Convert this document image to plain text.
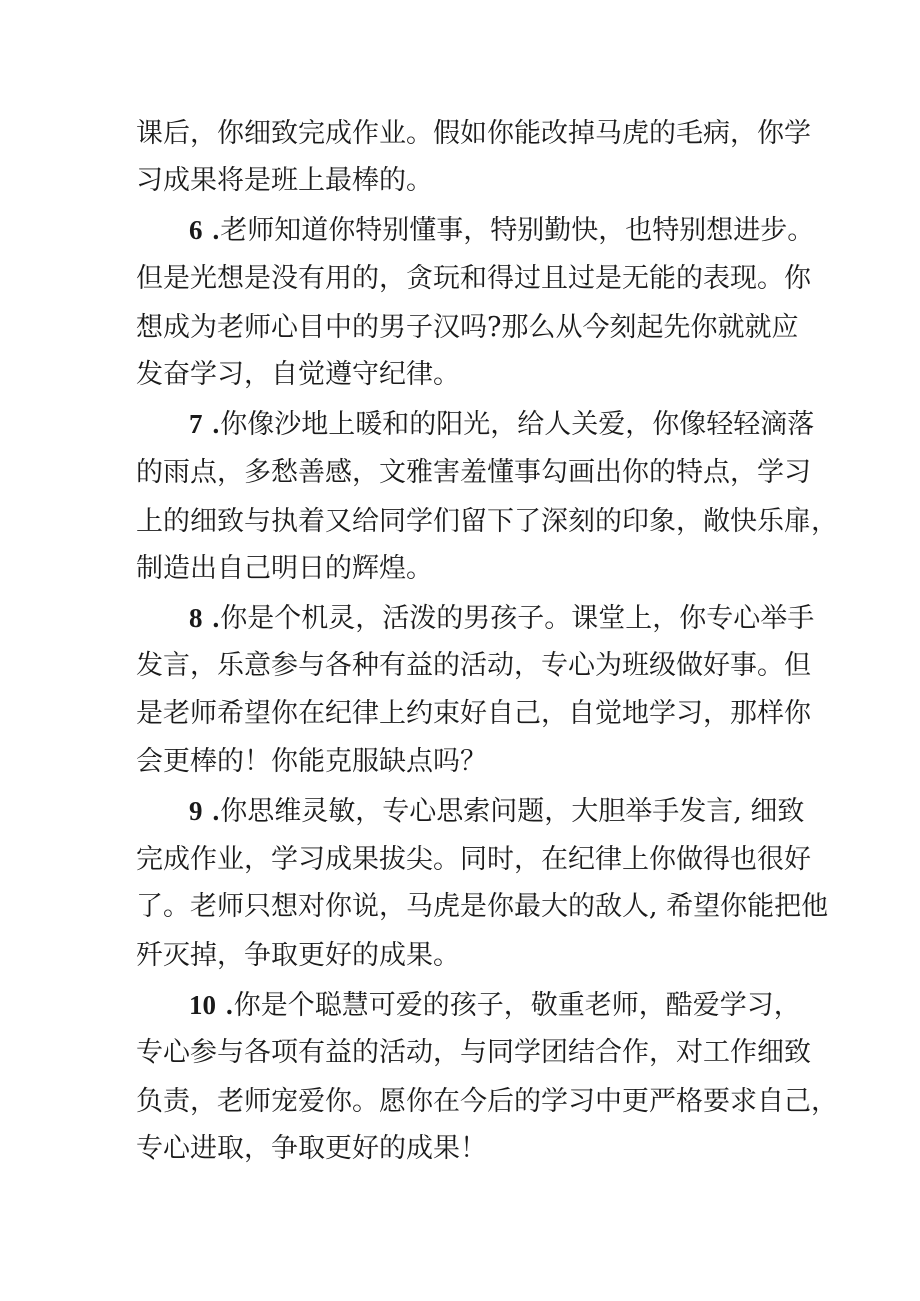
课后，你细致完成作业。假如你能改掉马虎的毛病，你学
习成果将是班上最棒的。
6 .老师知道你特别懂事，特别勤快，也特别想进步。
但是光想是没有用的，贪玩和得过且过是无能的表现。你
想成为老师心目中的男子汉吗?那么从今刻起先你就就应
发奋学习，自觉遵守纪律。
7 .你像沙地上暖和的阳光，给人关爱，你像轻轻滴落
的雨点，多愁善感，文雅害羞懂事勾画出你的特点，学习
上的细致与执着又给同学们留下了深刻的印象，敞快乐扉，
制造出自己明日的辉煌。
8 .你是个机灵，活泼的男孩子。课堂上，你专心举手
发言，乐意参与各种有益的活动，专心为班级做好事。但
是老师希望你在纪律上约束好自己，自觉地学习，那样你
会更棒的！你能克服缺点吗？
9 .你思维灵敏，专心思索问题，大胆举手发言, 细致
完成作业，学习成果拔尖。同时，在纪律上你做得也很好
了。老师只想对你说，马虎是你最大的敌人, 希望你能把他
歼灭掉，争取更好的成果。
10 .你是个聪慧可爱的孩子，敬重老师，酷爱学习，
专心参与各项有益的活动，与同学团结合作，对工作细致
负责，老师宠爱你。愿你在今后的学习中更严格要求自己，
专心进取，争取更好的成果！
